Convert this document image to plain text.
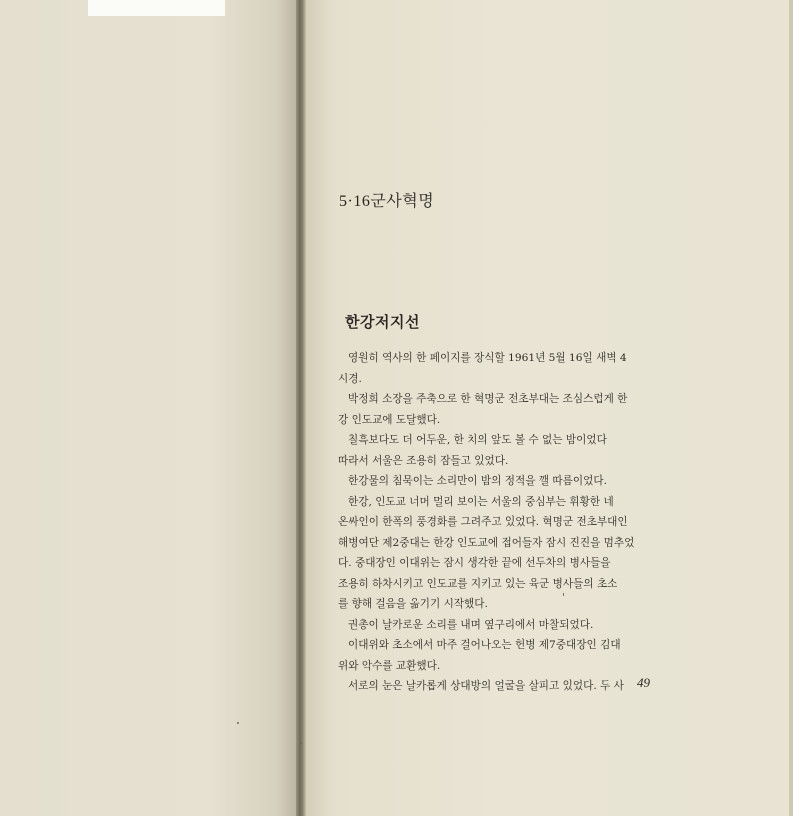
5·16군사혁명
한강저지선
영원히 역사의 한 페이지를 장식할 1961년 5월 16일 새벽 4
시경.
박정희 소장을 주축으로 한 혁명군 전초부대는 조심스럽게 한
강 인도교에 도달했다.
칠흑보다도 더 어두운, 한 치의 앞도 볼 수 없는 밤이었다
따라서 서울은 조용히 잠들고 있었다.
한강물의 침묵이는 소리만이 밤의 정적을 깰 따름이었다.
한강, 인도교 너머 멀리 보이는 서울의 중심부는 휘황한 네
온싸인이 한폭의 풍경화를 그려주고 있었다. 혁명군 전초부대인
해병여단 제2중대는 한강 인도교에 접어들자 잠시 진진을 멈추었
다. 중대장인 이대위는 잠시 생각한 끝에 선두차의 병사들을
조용히 하차시키고 인도교를 지키고 있는 육군 병사들의 초소
를 향해 걸음을 옮기기 시작했다.
권총이 날카로운 소리를 내며 옆구리에서 마찰되었다.
이대위와 초소에서 마주 걸어나오는 헌병 제7중대장인 김대
위와 악수를 교환했다.
서로의 눈은 날카롭게 상대방의 얼굴을 살피고 있었다. 두 사	49
